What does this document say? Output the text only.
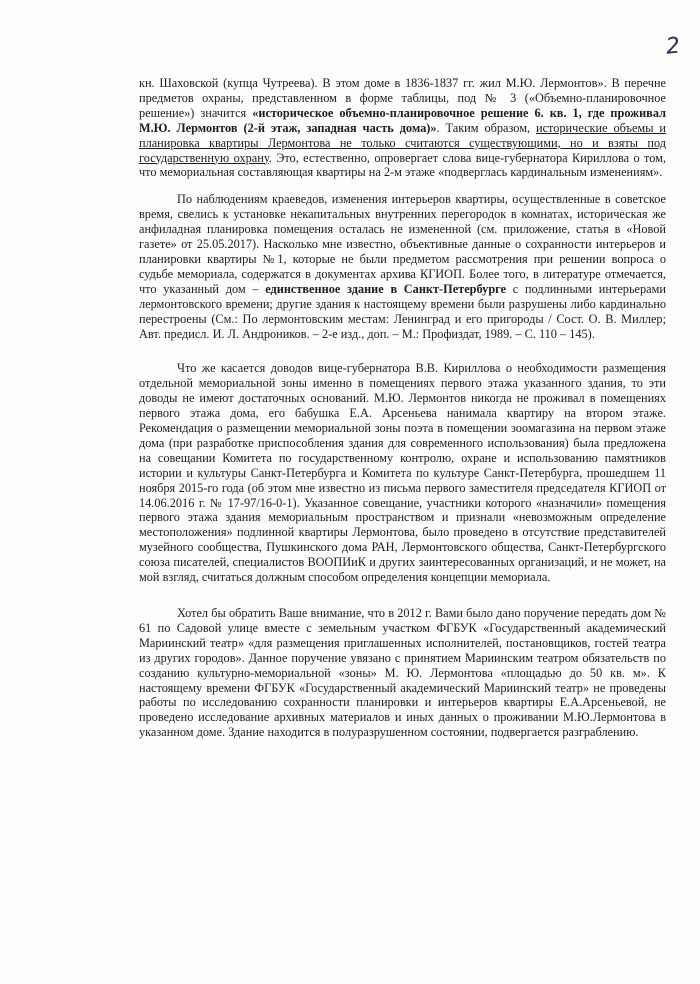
2

кн. Шаховской (купца Чутреева). В этом доме в 1836-1837 гг. жил М.Ю. Лермонтов». В перечне предметов охраны, представленном в форме таблицы, под № 3 («Объемно-планировочное решение») значится «историческое объемно-планировочное решение 6. кв. 1, где проживал М.Ю. Лермонтов (2-й этаж, западная часть дома)». Таким образом, исторические объемы и планировка квартиры Лермонтова не только считаются существующими, но и взяты под государственную охрану. Это, естественно, опровергает слова вице-губернатора Кириллова о том, что мемориальная составляющая квартиры на 2-м этаже «подверглась кардинальным изменениям».

По наблюдениям краеведов, изменения интерьеров квартиры, осуществленные в советское время, свелись к установке некапитальных внутренних перегородок в комнатах, историческая же анфиладная планировка помещения осталась не измененной (см. приложение, статья в «Новой газете» от 25.05.2017). Насколько мне известно, объективные данные о сохранности интерьеров и планировки квартиры №1, которые не были предметом рассмотрения при решении вопроса о судьбе мемориала, содержатся в документах архива КГИОП. Более того, в литературе отмечается, что указанный дом – единственное здание в Санкт-Петербурге с подлинными интерьерами лермонтовского времени; другие здания к настоящему времени были разрушены либо кардинально перестроены (См.: По лермонтовским местам: Ленинград и его пригороды / Сост. О. В. Миллер; Авт. предисл. И. Л. Андроников. – 2-е изд., доп. – М.: Профиздат, 1989. – С. 110 – 145).

Что же касается доводов вице-губернатора В.В. Кириллова о необходимости размещения отдельной мемориальной зоны именно в помещениях первого этажа указанного здания, то эти доводы не имеют достаточных оснований. М.Ю. Лермонтов никогда не проживал в помещениях первого этажа дома, его бабушка Е.А. Арсеньева нанимала квартиру на втором этаже. Рекомендация о размещении мемориальной зоны поэта в помещении зоомагазина на первом этаже дома (при разработке приспособления здания для современного использования) была предложена на совещании Комитета по государственному контролю, охране и использованию памятников истории и культуры Санкт-Петербурга и Комитета по культуре Санкт-Петербурга, прошедшем 11 ноября 2015-го года (об этом мне известно из письма первого заместителя председателя КГИОП от 14.06.2016 г. № 17-97/16-0-1). Указанное совещание, участники которого «назначили» помещения первого этажа здания мемориальным пространством и признали «невозможным определение местоположения» подлинной квартиры Лермонтова, было проведено в отсутствие представителей музейного сообщества, Пушкинского дома РАН, Лермонтовского общества, Санкт-Петербургского союза писателей, специалистов ВООПИиК и других заинтересованных организаций, и не может, на мой взгляд, считаться должным способом определения концепции мемориала.

Хотел бы обратить Ваше внимание, что в 2012 г. Вами было дано поручение передать дом № 61 по Садовой улице вместе с земельным участком ФГБУК «Государственный академический Мариинский театр» «для размещения приглашенных исполнителей, постановщиков, гостей театра из других городов». Данное поручение увязано с принятием Мариинским театром обязательств по созданию культурно-мемориальной «зоны» М. Ю. Лермонтова «площадью до 50 кв. м». К настоящему времени ФГБУК «Государственный академический Мариинский театр» не проведены работы по исследованию сохранности планировки и интерьеров квартиры Е.А.Арсеньевой, не проведено исследование архивных материалов и иных данных о проживании М.Ю.Лермонтова в указанном доме. Здание находится в полуразрушенном состоянии, подвергается разграблению.
